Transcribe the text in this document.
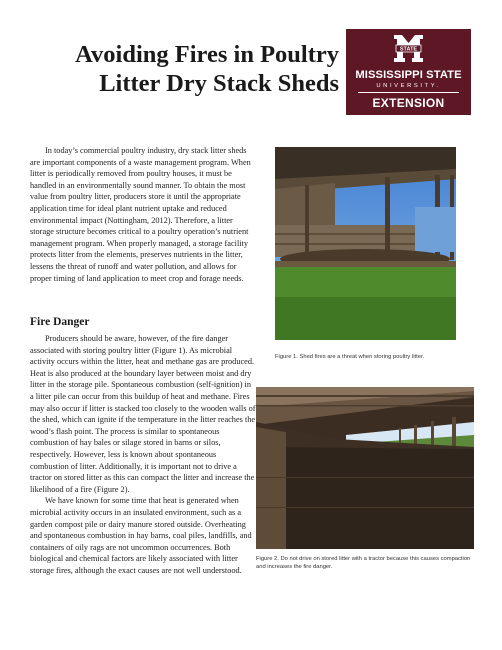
Avoiding Fires in Poultry
Litter Dry Stack Sheds
STATE
MISSISSIPPI STATE
UNIVERSITY.
EXTENSION

In today’s commercial poultry industry, dry stack litter sheds are important components of a waste management program. When litter is periodically removed from poultry houses, it must be handled in an environmentally sound manner. To obtain the most value from poultry litter, producers store it until the appropriate application time for ideal plant nutrient uptake and reduced environmental impact (Nottingham, 2012). Therefore, a litter storage structure becomes critical to a poultry operation’s nutrient management program. When properly managed, a storage facility protects litter from the elements, preserves nutrients in the litter, lessens the threat of runoff and water pollution, and allows for proper timing of land application to meet crop and forage needs.

Fire Danger

Producers should be aware, however, of the fire danger associated with storing poultry litter (Figure 1). As microbial activity occurs within the litter, heat and methane gas are produced. Heat is also produced at the boundary layer between moist and dry litter in the storage pile. Spontaneous combustion (self-ignition) in a litter pile can occur from this buildup of heat and methane. Fires may also occur if litter is stacked too closely to the wooden walls of the shed, which can ignite if the temperature in the litter reaches the wood’s flash point. The process is similar to spontaneous combustion of hay bales or silage stored in barns or silos, respectively. However, less is known about spontaneous combustion of litter. Additionally, it is important not to drive a tractor on stored litter as this can compact the litter and increase the likelihood of a fire (Figure 2).

We have known for some time that heat is generated when microbial activity occurs in an insulated environment, such as a garden compost pile or dairy manure stored outside. Overheating and spontaneous combustion in hay barns, coal piles, landfills, and containers of oily rags are not uncommon occurrences. Both biological and chemical factors are likely associated with litter storage fires, although the exact causes are not well understood.

Figure 1. Shed fires are a threat when storing poultry litter.
Figure 2. Do not drive on stored litter with a tractor because this causes compaction and increases the fire danger.
